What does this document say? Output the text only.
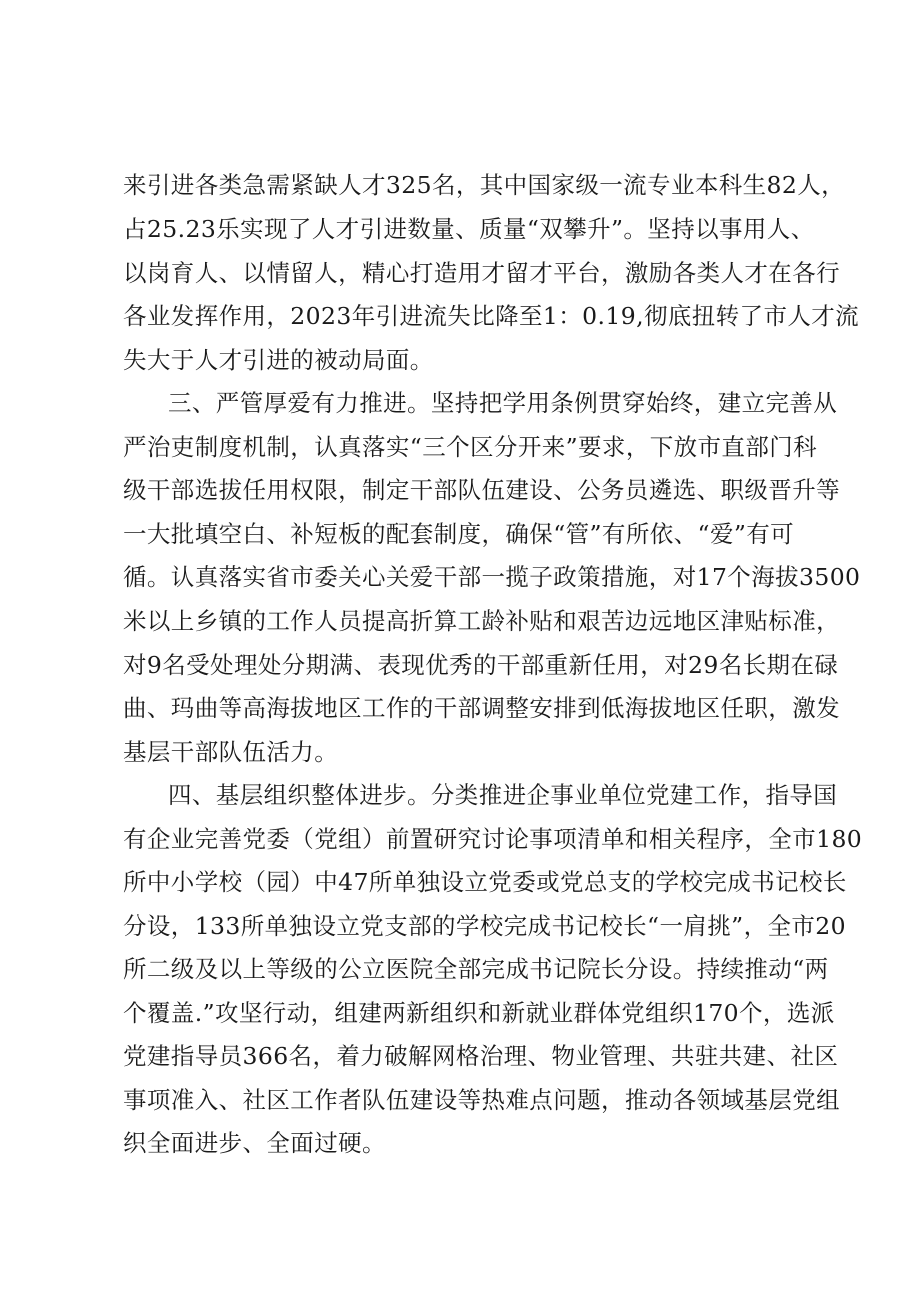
来引进各类急需紧缺人才325名，其中国家级一流专业本科生82人，
占25.23乐实现了人才引进数量、质量“双攀升”。坚持以事用人、
以岗育人、以情留人，精心打造用才留才平台，激励各类人才在各行
各业发挥作用，2023年引进流失比降至1：0.19,彻底扭转了市人才流
失大于人才引进的被动局面。
三、严管厚爱有力推进。坚持把学用条例贯穿始终，建立完善从
严治吏制度机制，认真落实“三个区分开来”要求，下放市直部门科
级干部选拔任用权限，制定干部队伍建设、公务员遴选、职级晋升等
一大批填空白、补短板的配套制度，确保“管”有所依、“爱”有可
循。认真落实省市委关心关爱干部一揽子政策措施，对17个海拔3500
米以上乡镇的工作人员提高折算工龄补贴和艰苦边远地区津贴标准，
对9名受处理处分期满、表现优秀的干部重新任用，对29名长期在碌
曲、玛曲等高海拔地区工作的干部调整安排到低海拔地区任职，激发
基层干部队伍活力。
四、基层组织整体进步。分类推进企事业单位党建工作，指导国
有企业完善党委（党组）前置研究讨论事项清单和相关程序，全市180
所中小学校（园）中47所单独设立党委或党总支的学校完成书记校长
分设，133所单独设立党支部的学校完成书记校长“一肩挑”，全市20
所二级及以上等级的公立医院全部完成书记院长分设。持续推动“两
个覆盖.”攻坚行动，组建两新组织和新就业群体党组织170个，选派
党建指导员366名，着力破解网格治理、物业管理、共驻共建、社区
事项准入、社区工作者队伍建设等热难点问题，推动各领域基层党组
织全面进步、全面过硬。
